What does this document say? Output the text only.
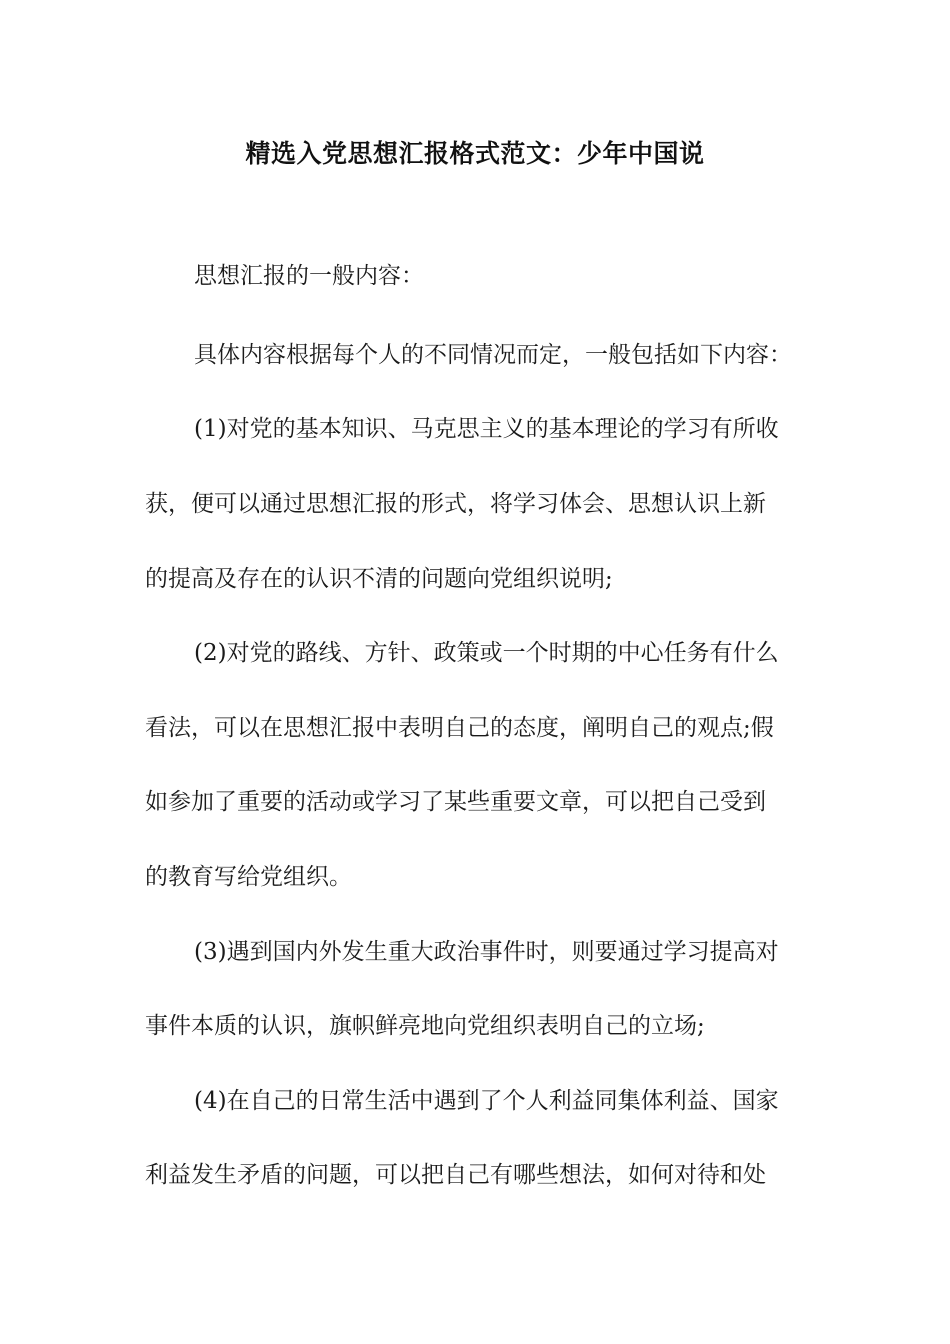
精选入党思想汇报格式范文：少年中国说
思想汇报的一般内容：
具体内容根据每个人的不同情况而定，一般包括如下内容：
(1)对党的基本知识、马克思主义的基本理论的学习有所收
获，便可以通过思想汇报的形式，将学习体会、思想认识上新
的提高及存在的认识不清的问题向党组织说明;
(2)对党的路线、方针、政策或一个时期的中心任务有什么
看法，可以在思想汇报中表明自己的态度，阐明自己的观点;假
如参加了重要的活动或学习了某些重要文章，可以把自己受到
的教育写给党组织。
(3)遇到国内外发生重大政治事件时，则要通过学习提高对
事件本质的认识，旗帜鲜亮地向党组织表明自己的立场;
(4)在自己的日常生活中遇到了个人利益同集体利益、国家
利益发生矛盾的问题，可以把自己有哪些想法，如何对待和处
